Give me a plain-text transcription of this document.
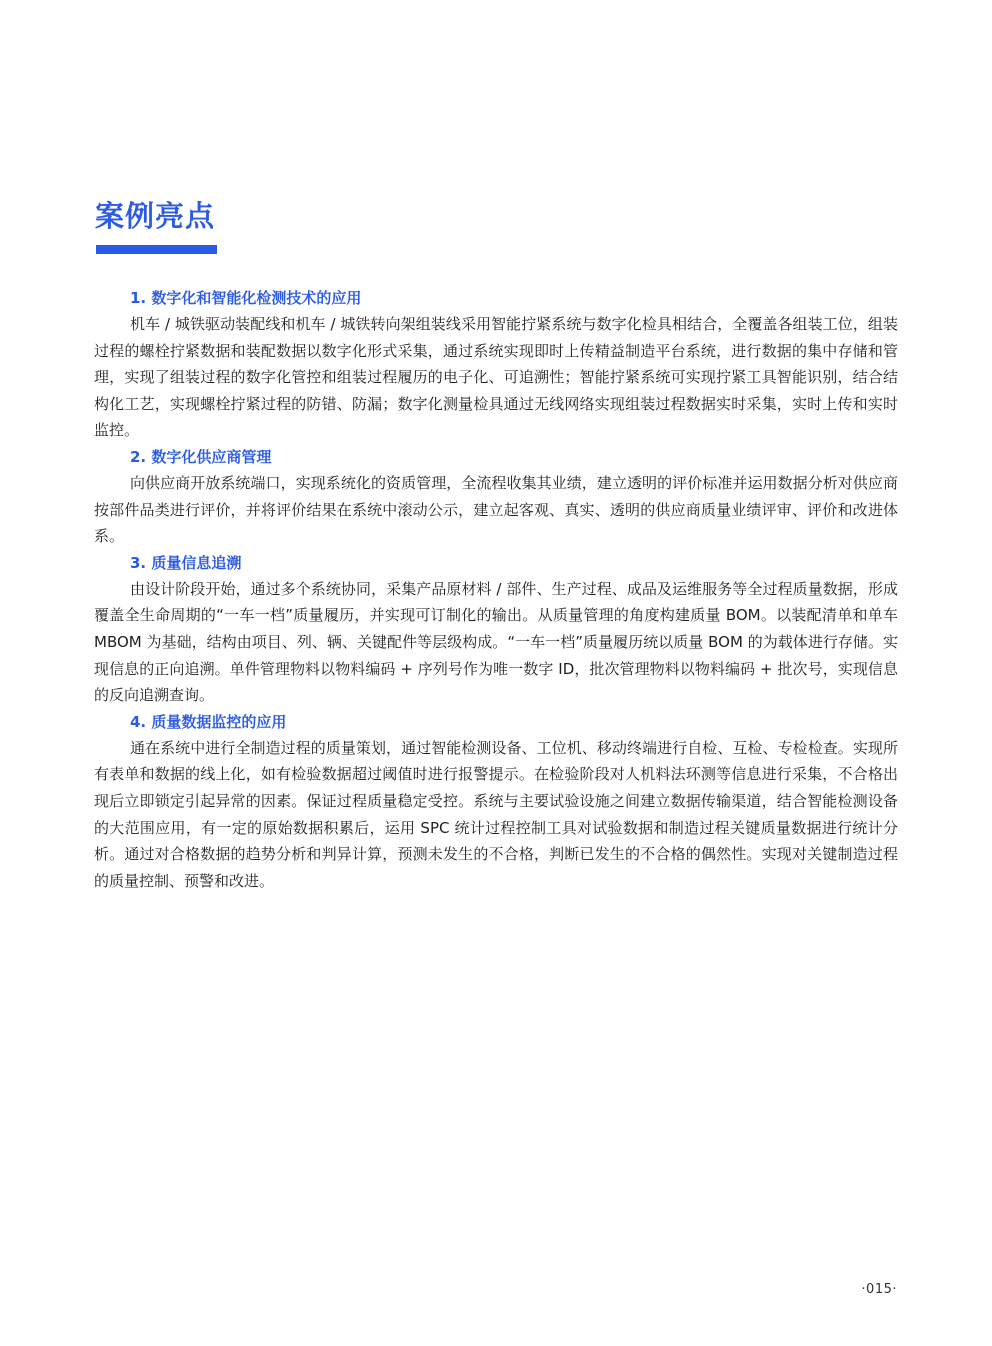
案例亮点
1. 数字化和智能化检测技术的应用

机车 / 城铁驱动装配线和机车 / 城铁转向架组装线采用智能拧紧系统与数字化检具相结合，全覆盖各组装工位，组装过程的螺栓拧紧数据和装配数据以数字化形式采集，通过系统实现即时上传精益制造平台系统，进行数据的集中存储和管理，实现了组装过程的数字化管控和组装过程履历的电子化、可追溯性；智能拧紧系统可实现拧紧工具智能识别，结合结构化工艺，实现螺栓拧紧过程的防错、防漏；数字化测量检具通过无线网络实现组装过程数据实时采集，实时上传和实时监控。

2. 数字化供应商管理

向供应商开放系统端口，实现系统化的资质管理，全流程收集其业绩，建立透明的评价标准并运用数据分析对供应商按部件品类进行评价，并将评价结果在系统中滚动公示，建立起客观、真实、透明的供应商质量业绩评审、评价和改进体系。

3. 质量信息追溯

由设计阶段开始，通过多个系统协同，采集产品原材料 / 部件、生产过程、成品及运维服务等全过程质量数据，形成覆盖全生命周期的“一车一档”质量履历，并实现可订制化的输出。从质量管理的角度构建质量 BOM。以装配清单和单车 MBOM 为基础，结构由项目、列、辆、关键配件等层级构成。“一车一档”质量履历统以质量 BOM 的为载体进行存储。实现信息的正向追溯。单件管理物料以物料编码 + 序列号作为唯一数字 ID，批次管理物料以物料编码 + 批次号，实现信息的反向追溯查询。

4. 质量数据监控的应用

通在系统中进行全制造过程的质量策划，通过智能检测设备、工位机、移动终端进行自检、互检、专检检查。实现所有表单和数据的线上化，如有检验数据超过阈值时进行报警提示。在检验阶段对人机料法环测等信息进行采集，不合格出现后立即锁定引起异常的因素。保证过程质量稳定受控。系统与主要试验设施之间建立数据传输渠道，结合智能检测设备的大范围应用，有一定的原始数据积累后，运用 SPC 统计过程控制工具对试验数据和制造过程关键质量数据进行统计分析。通过对合格数据的趋势分析和判异计算，预测未发生的不合格，判断已发生的不合格的偶然性。实现对关键制造过程的质量控制、预警和改进。

·015·
